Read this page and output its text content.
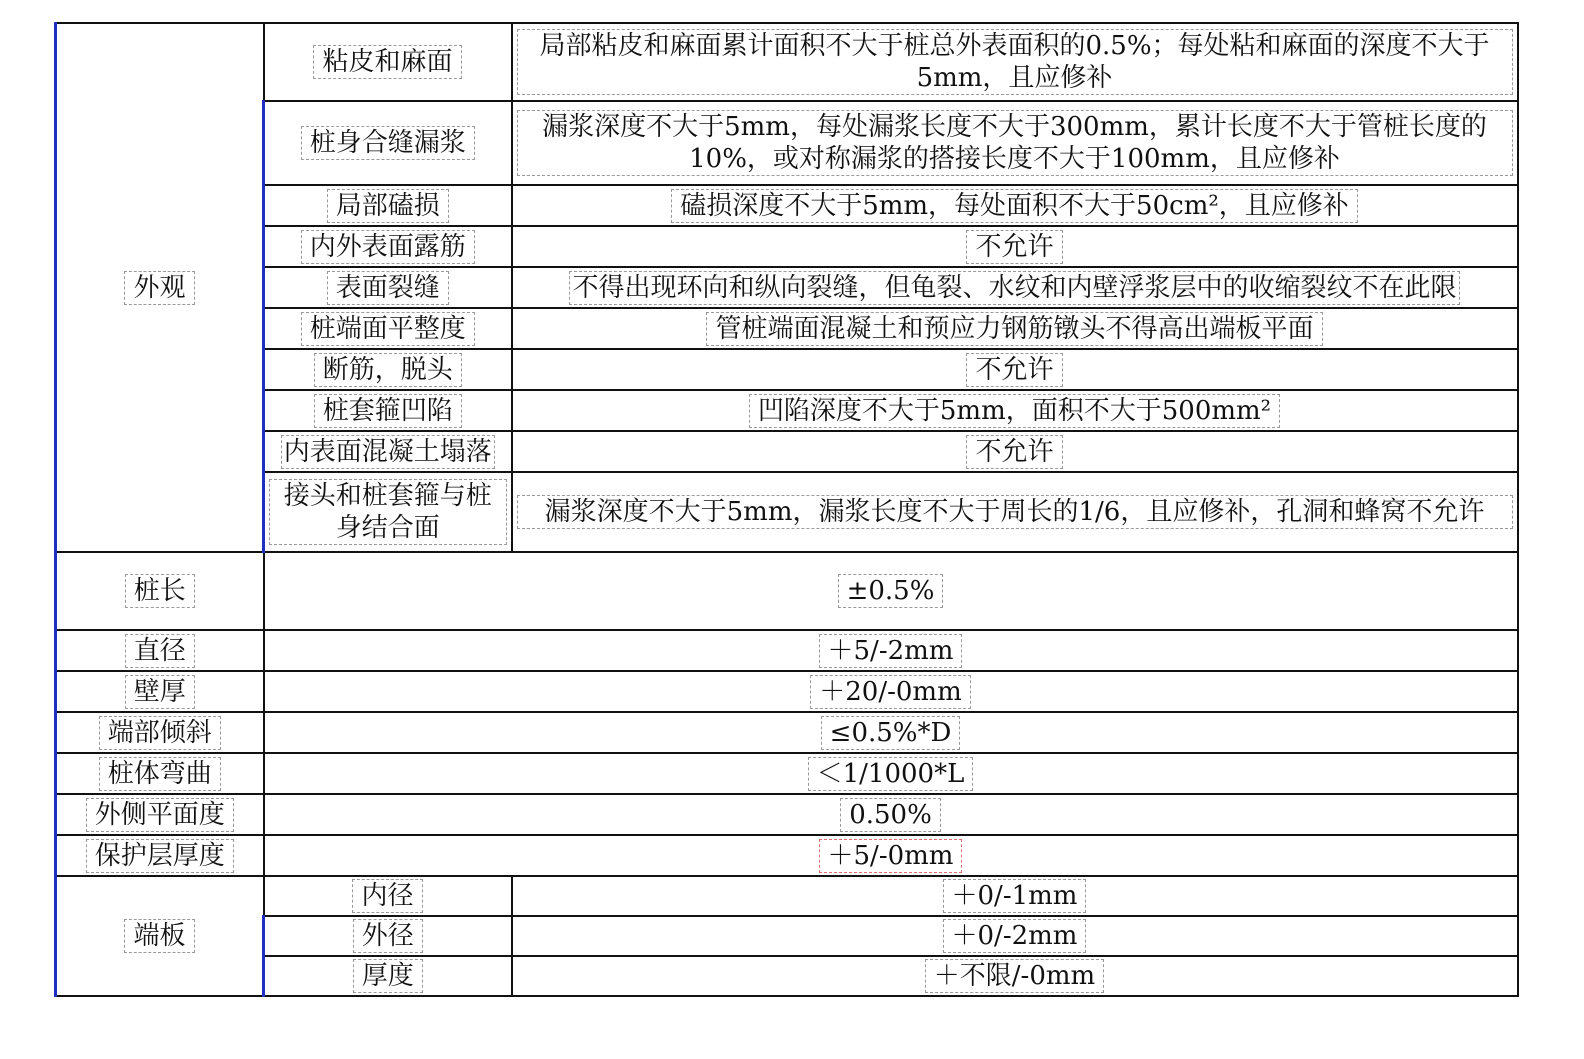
外观	粘皮和麻面	局部粘皮和麻面累计面积不大于桩总外表面积的0.5%；每处粘和麻面的深度不大于5mm，且应修补

	桩身合缝漏浆	漏浆深度不大于5mm，每处漏浆长度不大于300mm，累计长度不大于管桩长度的10%，或对称漏浆的搭接长度不大于100mm，且应修补

	局部磕损	磕损深度不大于5mm，每处面积不大于50cm²，且应修补
	内外表面露筋	不允许
	表面裂缝	不得出现环向和纵向裂缝，但龟裂、水纹和内壁浮浆层中的收缩裂纹不在此限
	桩端面平整度	管桩端面混凝土和预应力钢筋镦头不得高出端板平面
	断筋，脱头	不允许
	桩套箍凹陷	凹陷深度不大于5mm，面积不大于500mm²
	内表面混凝土塌落	不允许

	接头和桩套箍与桩身结合面	漏浆深度不大于5mm，漏浆长度不大于周长的1/6，且应修补，孔洞和蜂窝不允许

桩长	±0.5%	
直径	＋5/-2mm	
壁厚	＋20/-0mm	
端部倾斜	≤0.5%*D	
桩体弯曲	＜1/1000*L	
外侧平面度	0.50%	
保护层厚度	＋5/-0mm	
端板	内径	＋0/-1mm
	外径	＋0/-2mm
	厚度	＋不限/-0mm
